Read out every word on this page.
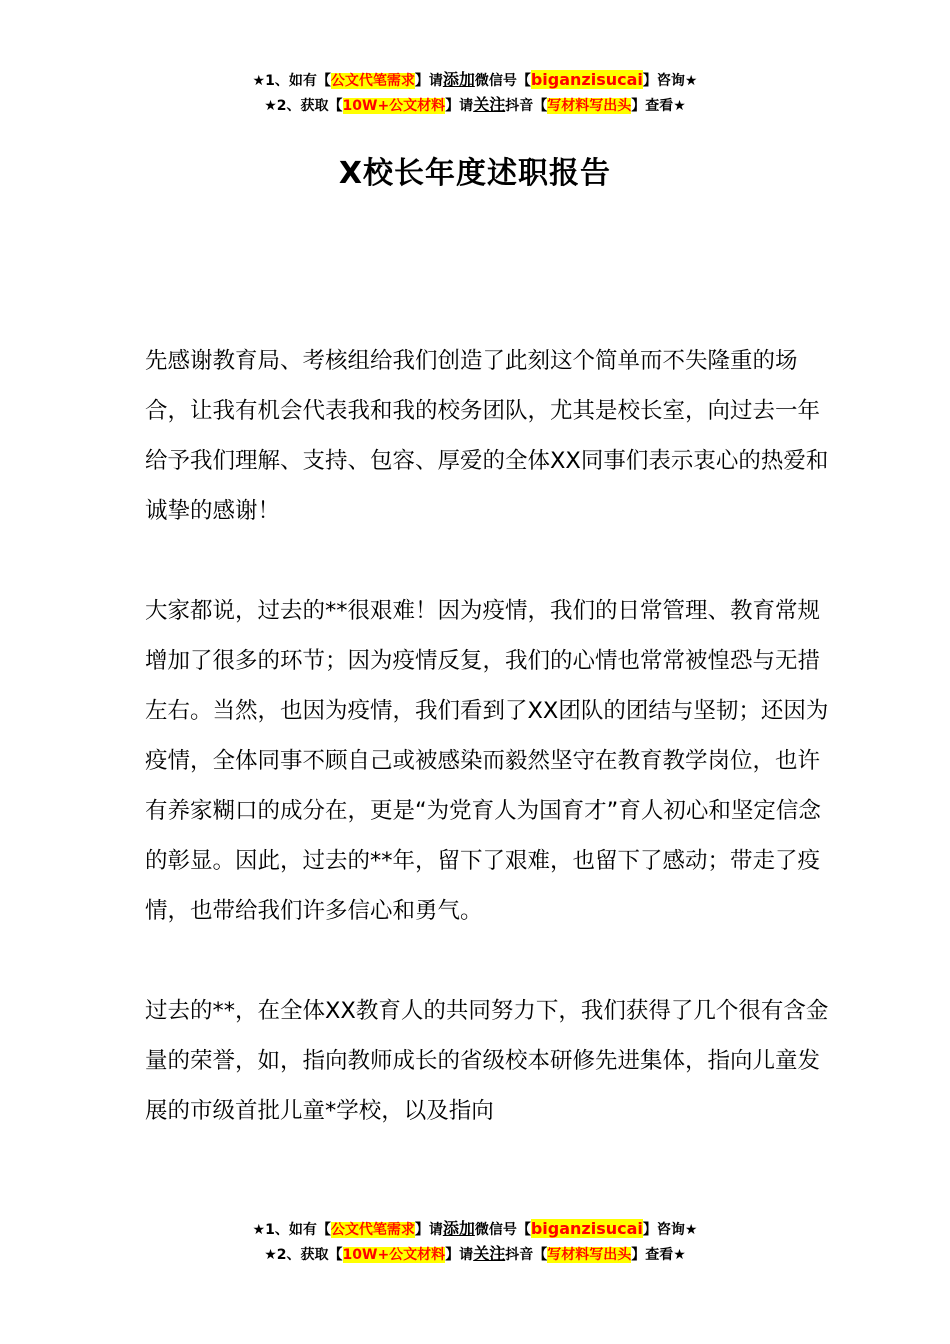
★1、如有【公文代笔需求】请添加微信号【biganzisucai】咨询★
★2、获取【10W+公文材料】请关注抖音【写材料写出头】查看★
X校长年度述职报告

先感谢教育局、考核组给我们创造了此刻这个简单而不失隆重的场合，让我有机会代表我和我的校务团队，尤其是校长室，向过去一年给予我们理解、支持、包容、厚爱的全体XX同事们表示衷心的热爱和诚挚的感谢！

大家都说，过去的**很艰难！因为疫情，我们的日常管理、教育常规增加了很多的环节；因为疫情反复，我们的心情也常常被惶恐与无措左右。当然，也因为疫情，我们看到了XX团队的团结与坚韧；还因为疫情，全体同事不顾自己或被感染而毅然坚守在教育教学岗位，也许有养家糊口的成分在，更是“为党育人为国育才”育人初心和坚定信念的彰显。因此，过去的**年，留下了艰难，也留下了感动；带走了疫情，也带给我们许多信心和勇气。

过去的**，在全体XX教育人的共同努力下，我们获得了几个很有含金量的荣誉，如，指向教师成长的省级校本研修先进集体，指向儿童发展的市级首批儿童*学校，以及指向

★1、如有【公文代笔需求】请添加微信号【biganzisucai】咨询★
★2、获取【10W+公文材料】请关注抖音【写材料写出头】查看★
